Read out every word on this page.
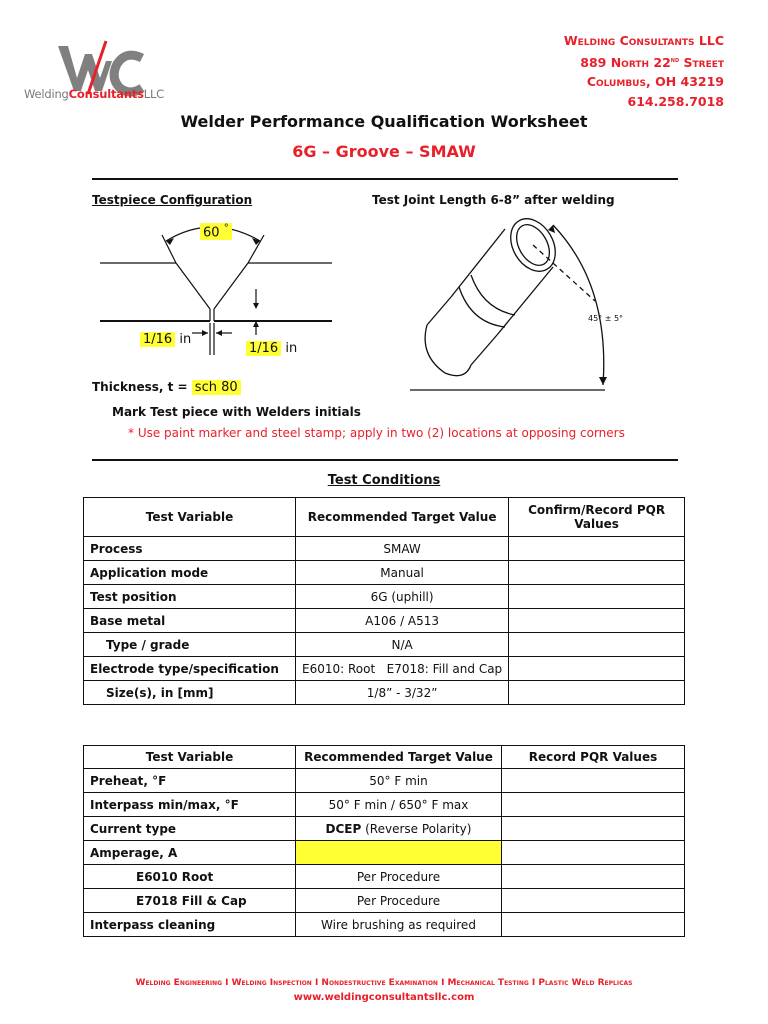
WeldingConsultantsLLC
Welding Consultants LLC
889 North 22nd Street
Columbus, OH 43219
614.258.7018
Welder Performance Qualification Worksheet
6G – Groove – SMAW
Testpiece Configuration	Test Joint Length 6-8” after welding
60 °
1/16 in
1/16 in
45° ± 5°
Thickness, t = sch 80
Mark Test piece with Welders initials
* Use paint marker and steel stamp; apply in two (2) locations at opposing corners
Test Conditions
Test Variable	Recommended Target Value	Confirm/Record PQR Values
Process	SMAW	
Application mode	Manual	
Test position	6G (uphill)	
Base metal	A106 / A513	
Type / grade	N/A	
Electrode type/specification	E6010: Root   E7018: Fill and Cap	
Size(s), in [mm]	1/8” - 3/32”	
Test Variable	Recommended Target Value	Record PQR Values
Preheat, °F	50° F min	
Interpass min/max, °F	50° F min / 650° F max	
Current type	DCEP (Reverse Polarity)	
Amperage, A		
E6010 Root	Per Procedure	
E7018 Fill & Cap	Per Procedure	
Interpass cleaning	Wire brushing as required	
Welding Engineering I Welding Inspection I Nondestructive Examination I Mechanical Testing I Plastic Weld Replicas
www.weldingconsultantsllc.com
